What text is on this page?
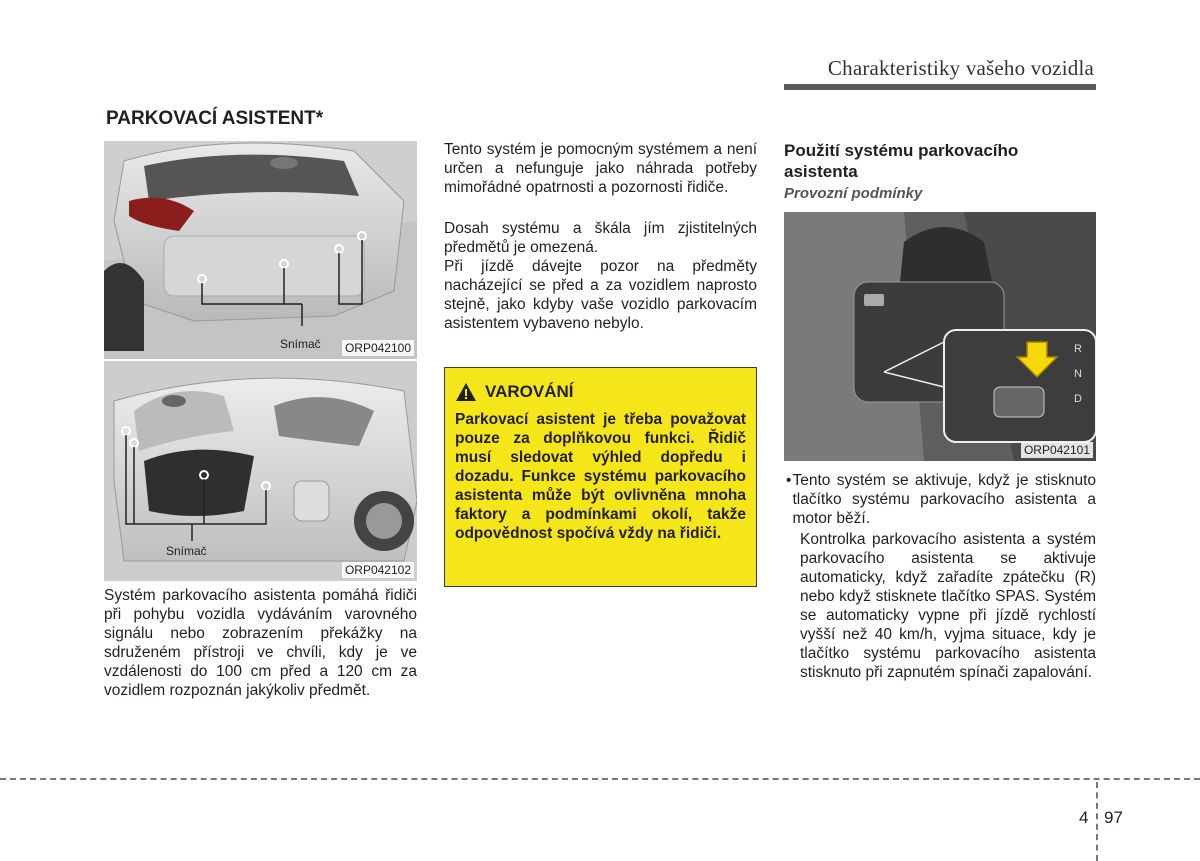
Charakteristiky vašeho vozidla
PARKOVACÍ ASISTENT*
Snímač ORP042100
Snímač
ORP042102

Systém parkovacího asistenta pomáhá řidiči při pohybu vozidla vydáváním varovného signálu nebo zobrazením překážky na sdruženém přístroji ve chvíli, kdy je ve vzdálenosti do 100 cm před a 120 cm za vozidlem rozpoznán jakýkoliv předmět.

Tento systém je pomocným systémem a není určen a nefunguje jako náhrada potřeby mimořádné opatrnosti a pozornosti řidiče.

Dosah systému a škála jím zjistitelných předmětů je omezená.

Při jízdě dávejte pozor na předměty nacházející se před a za vozidlem naprosto stejně, jako kdyby vaše vozidlo parkovacím asistentem vybaveno nebylo.

VAROVÁNÍ

Parkovací asistent je třeba považovat pouze za doplňkovou funkci. Řidič musí sledovat výhled dopředu i dozadu. Funkce systému parkovacího asistenta může být ovlivněna mnoha faktory a podmínkami okolí, takže odpovědnost spočívá vždy na řidiči.

Použití systému parkovacího asistenta
Provozní podmínky
R
N
D
ORP042101
• Tento systém se aktivuje, když je stisknuto tlačítko systému parkovacího asistenta a motor běží.

Kontrolka parkovacího asistenta a systém parkovacího asistenta se aktivuje automaticky, když zařadíte zpátečku (R) nebo když stisknete tlačítko SPAS. Systém se automaticky vypne při jízdě rychlostí vyšší než 40 km/h, vyjma situace, kdy je tlačítko systému parkovacího asistenta stisknuto při zapnutém spínači zapalování.

4 97
